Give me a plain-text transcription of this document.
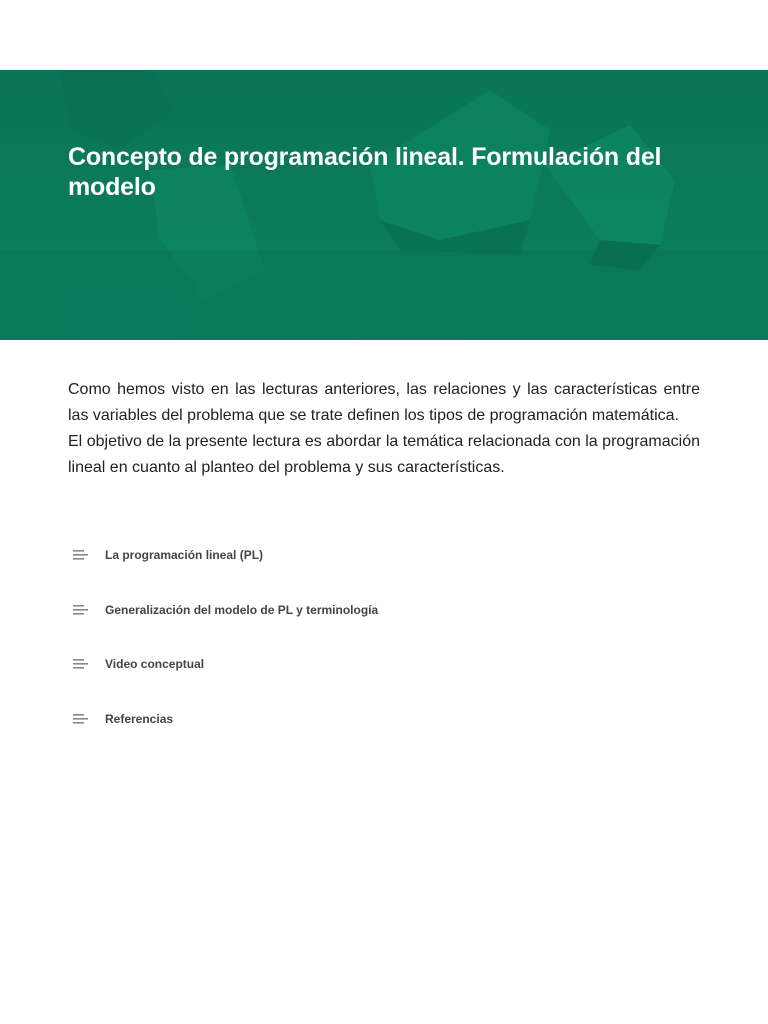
Concepto de programación lineal. Formulación del modelo

Como hemos visto en las lecturas anteriores, las relaciones y las características entre las variables del problema que se trate definen los tipos de programación matemática.

El objetivo de la presente lectura es abordar la temática relacionada con la programación lineal en cuanto al planteo del problema y sus características.

La programación lineal (PL)
Generalización del modelo de PL y terminología
Video conceptual
Referencias
